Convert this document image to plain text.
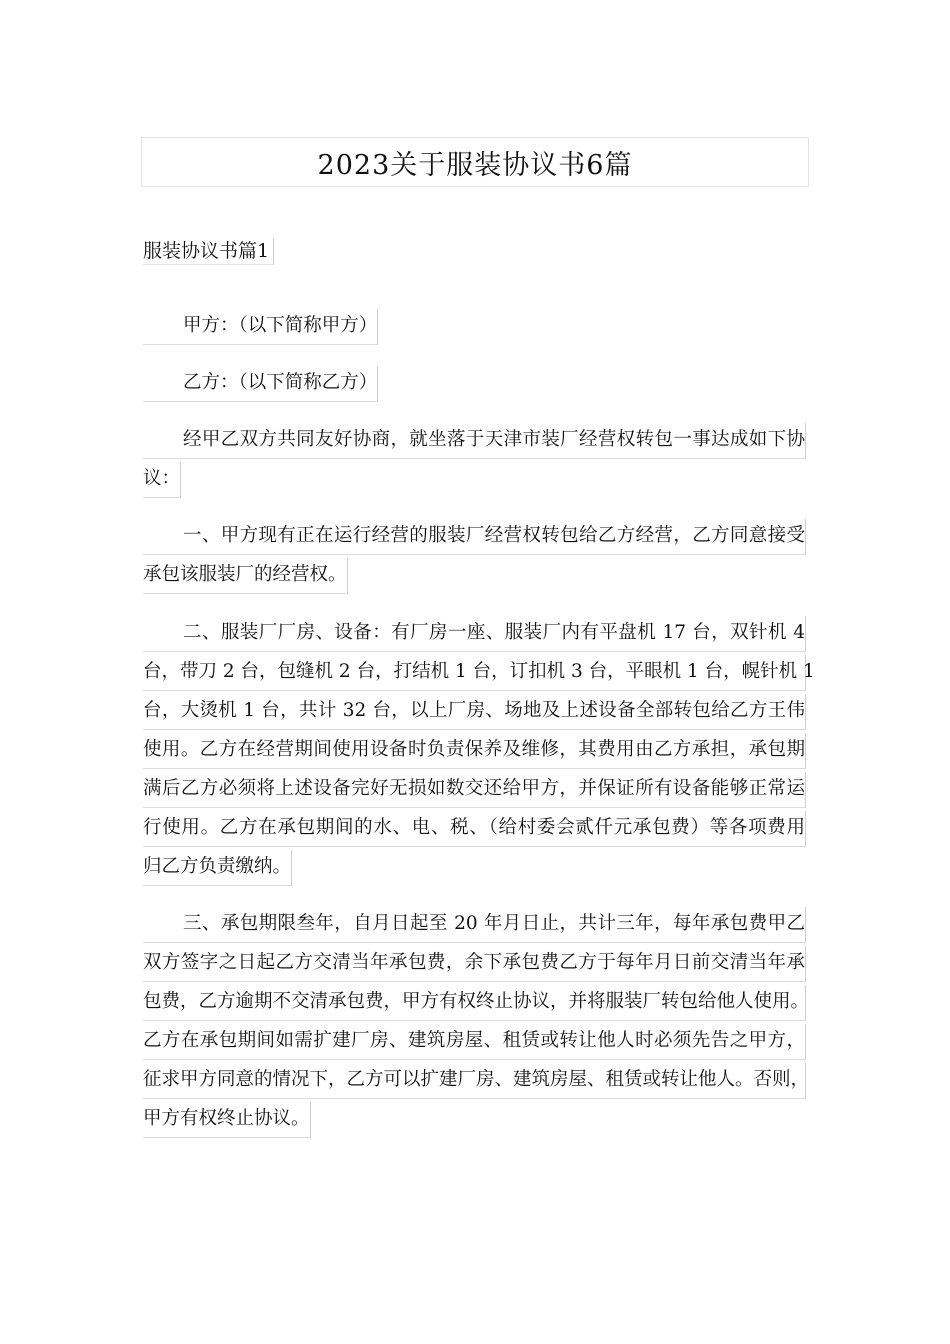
2023关于服装协议书6篇
服装协议书篇1
甲方：（以下简称甲方）
乙方：（以下简称乙方）
经甲乙双方共同友好协商，就坐落于天津市装厂经营权转包一事达成如下协
议：
一、甲方现有正在运行经营的服装厂经营权转包给乙方经营，乙方同意接受
承包该服装厂的经营权。
二、服装厂厂房、设备：有厂房一座、服装厂内有平盘机 17 台，双针机 4
台，带刀 2 台，包缝机 2 台，打结机 1 台，订扣机 3 台，平眼机 1 台，幌针机 1
台，大烫机 1 台，共计 32 台，以上厂房、场地及上述设备全部转包给乙方王伟
使用。乙方在经营期间使用设备时负责保养及维修，其费用由乙方承担，承包期
满后乙方必须将上述设备完好无损如数交还给甲方，并保证所有设备能够正常运
行使用。乙方在承包期间的水、电、税、（给村委会贰仟元承包费）等各项费用
归乙方负责缴纳。
三、承包期限叁年，自月日起至 20 年月日止，共计三年，每年承包费甲乙
双方签字之日起乙方交清当年承包费，余下承包费乙方于每年月日前交清当年承
包费，乙方逾期不交清承包费，甲方有权终止协议，并将服装厂转包给他人使用。
乙方在承包期间如需扩建厂房、建筑房屋、租赁或转让他人时必须先告之甲方，
征求甲方同意的情况下，乙方可以扩建厂房、建筑房屋、租赁或转让他人。否则，
甲方有权终止协议。
